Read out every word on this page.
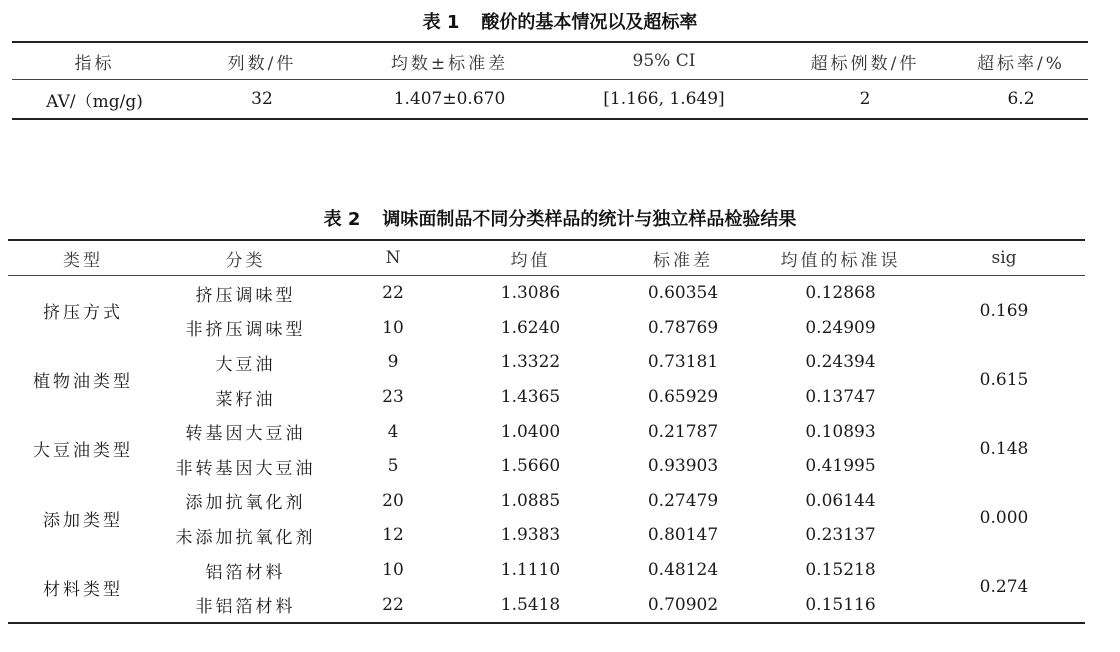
表 1 酸价的基本情况以及超标率
指标	列数/件	均数±标准差	95% CI	超标例数/件	超标率/%
AV/（mg/g)	32	1.407±0.670	[1.166, 1.649]	2	6.2
表 2 调味面制品不同分类样品的统计与独立样品检验结果
类型	分类	N	均值	标准差	均值的标准误	sig
挤压方式	挤压调味型	22	1.3086	0.60354	0.12868	0.169
	非挤压调味型	10	1.6240	0.78769	0.24909	
植物油类型	大豆油	9	1.3322	0.73181	0.24394	0.615
	菜籽油	23	1.4365	0.65929	0.13747	
大豆油类型	转基因大豆油	4	1.0400	0.21787	0.10893	0.148
	非转基因大豆油	5	1.5660	0.93903	0.41995	
添加类型	添加抗氧化剂	20	1.0885	0.27479	0.06144	0.000
	未添加抗氧化剂	12	1.9383	0.80147	0.23137	
材料类型	铝箔材料	10	1.1110	0.48124	0.15218	0.274
	非铝箔材料	22	1.5418	0.70902	0.15116	
